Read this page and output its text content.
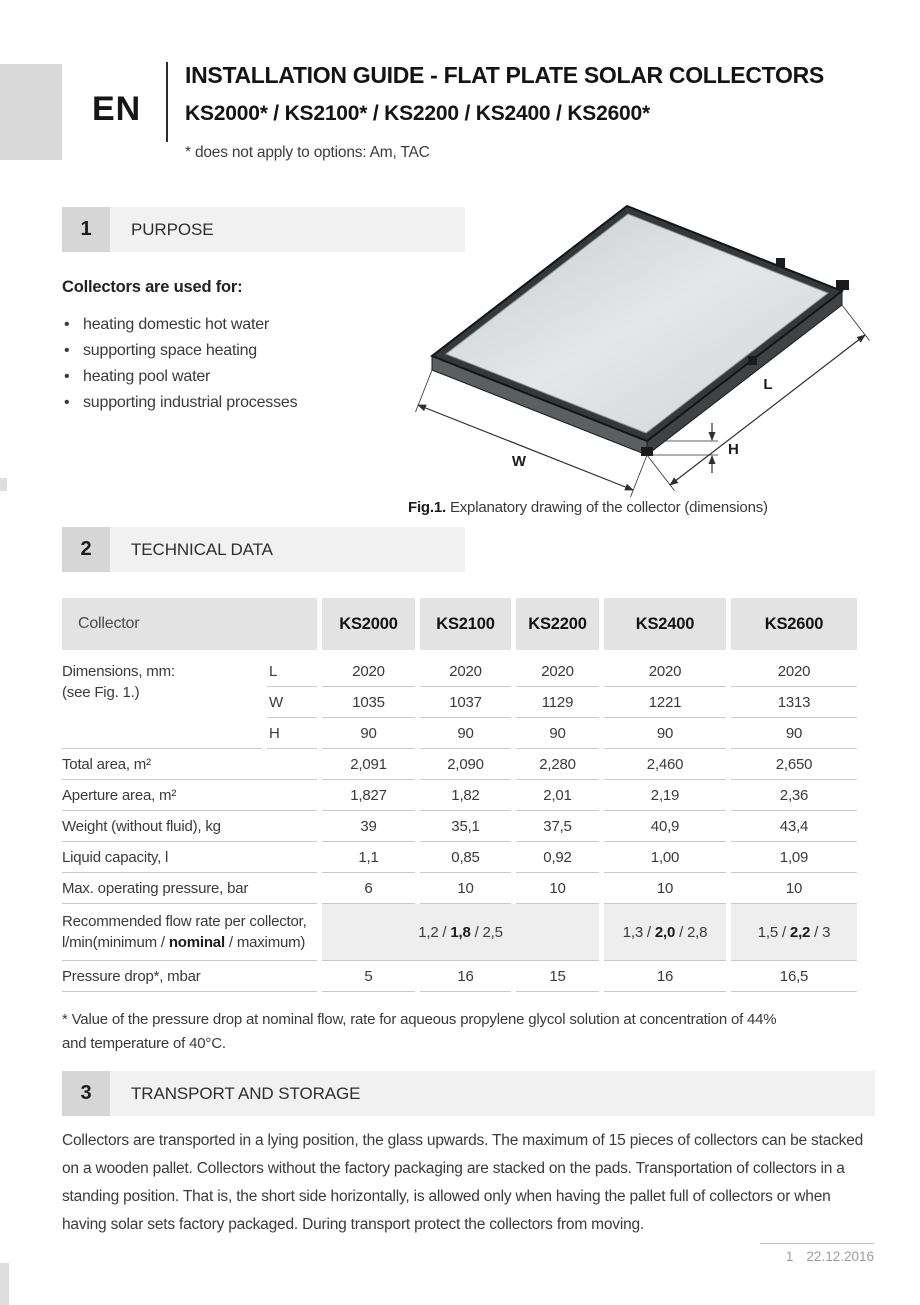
EN
INSTALLATION GUIDE - FLAT PLATE SOLAR COLLECTORS
KS2000* / KS2100* / KS2200 / KS2400 / KS2600*
* does not apply to options: Am, TAC
1	PURPOSE
Collectors are used for:
• heating domestic hot water
• supporting space heating
• heating pool water
• supporting industrial processes
W
L
H
Fig.1. Explanatory drawing of the collector (dimensions)
2	TECHNICAL DATA
Collector		KS2000	KS2100	KS2200	KS2400	KS2600

Dimensions, mm:
(see Fig. 1.)	L	2020	2020	2020	2020	2020
	W	1035	1037	1129	1221	1313
	H	90	90	90	90	90
Total area, m²		2,091	2,090	2,280	2,460	2,650
Aperture area, m²		1,827	1,82	2,01	2,19	2,36
Weight (without fluid), kg		39	35,1	37,5	40,9	43,4
Liquid capacity, l		1,1	0,85	0,92	1,00	1,09
Max. operating pressure, bar		6	10	10	10	10

Recommended flow rate per collector,
l/min(minimum / nominal / maximum)		1,2 / 1,8 / 2,5			1,3 / 2,0 / 2,8	1,5 / 2,2 / 3
Pressure drop*, mbar		5	16	15	16	16,5
* Value of the pressure drop at nominal flow, rate for aqueous propylene glycol solution at concentration of 44%
and temperature of 40°C.
3	TRANSPORT AND STORAGE
Collectors are transported in a lying position, the glass upwards. The maximum of 15 pieces of collectors can be stacked on a wooden pallet. Collectors without the factory packaging are stacked on the pads. Transportation of collectors in a standing position. That is, the short side horizontally, is allowed only when having the pallet full of collectors or when having solar sets factory packaged. During transport protect the collectors from moving.
1 22.12.2016
